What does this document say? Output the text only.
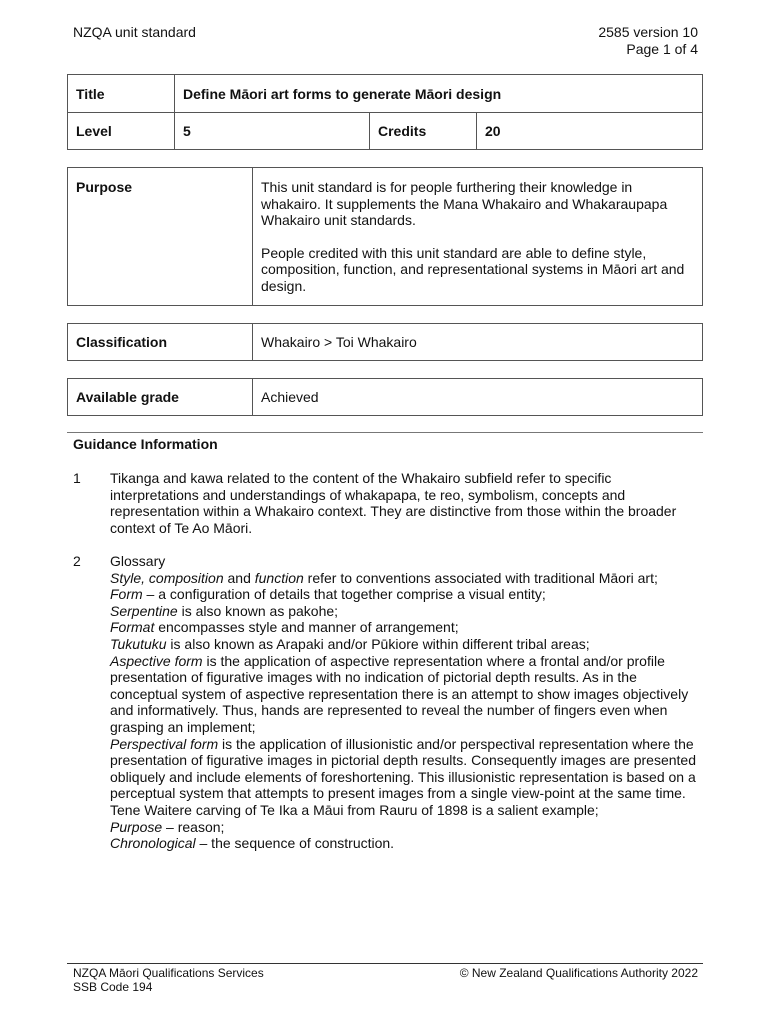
NZQA unit standard	2585 version 10
Page 1 of 4
Title	Define Māori art forms to generate Māori design		
Level	5	Credits	20
Purpose	This unit standard is for people furthering their knowledge in whakairo. It supplements the Mana Whakairo and Whakaraupapa Whakairo unit standards.

People credited with this unit standard are able to define style, composition, function, and representational systems in Māori art and design.

Classification	Whakairo > Toi Whakairo
Available grade	Achieved
Guidance Information
1 Tikanga and kawa related to the content of the Whakairo subfield refer to specific interpretations and understandings of whakapapa, te reo, symbolism, concepts and representation within a Whakairo context. They are distinctive from those within the broader context of Te Ao Māori.
2 Glossary
Style, composition and function refer to conventions associated with traditional Māori art;
Form – a configuration of details that together comprise a visual entity;
Serpentine is also known as pakohe;
Format encompasses style and manner of arrangement;
Tukutuku is also known as Arapaki and/or Pūkiore within different tribal areas;
Aspective form is the application of aspective representation where a frontal and/or profile presentation of figurative images with no indication of pictorial depth results. As in the conceptual system of aspective representation there is an attempt to show images objectively and informatively. Thus, hands are represented to reveal the number of fingers even when grasping an implement;
Perspectival form is the application of illusionistic and/or perspectival representation where the presentation of figurative images in pictorial depth results. Consequently images are presented obliquely and include elements of foreshortening. This illusionistic representation is based on a perceptual system that attempts to present images from a single view-point at the same time. Tene Waitere carving of Te Ika a Māui from Rauru of 1898 is a salient example;
Purpose – reason;
Chronological – the sequence of construction.
NZQA Māori Qualifications Services
SSB Code 194
© New Zealand Qualifications Authority 2022
